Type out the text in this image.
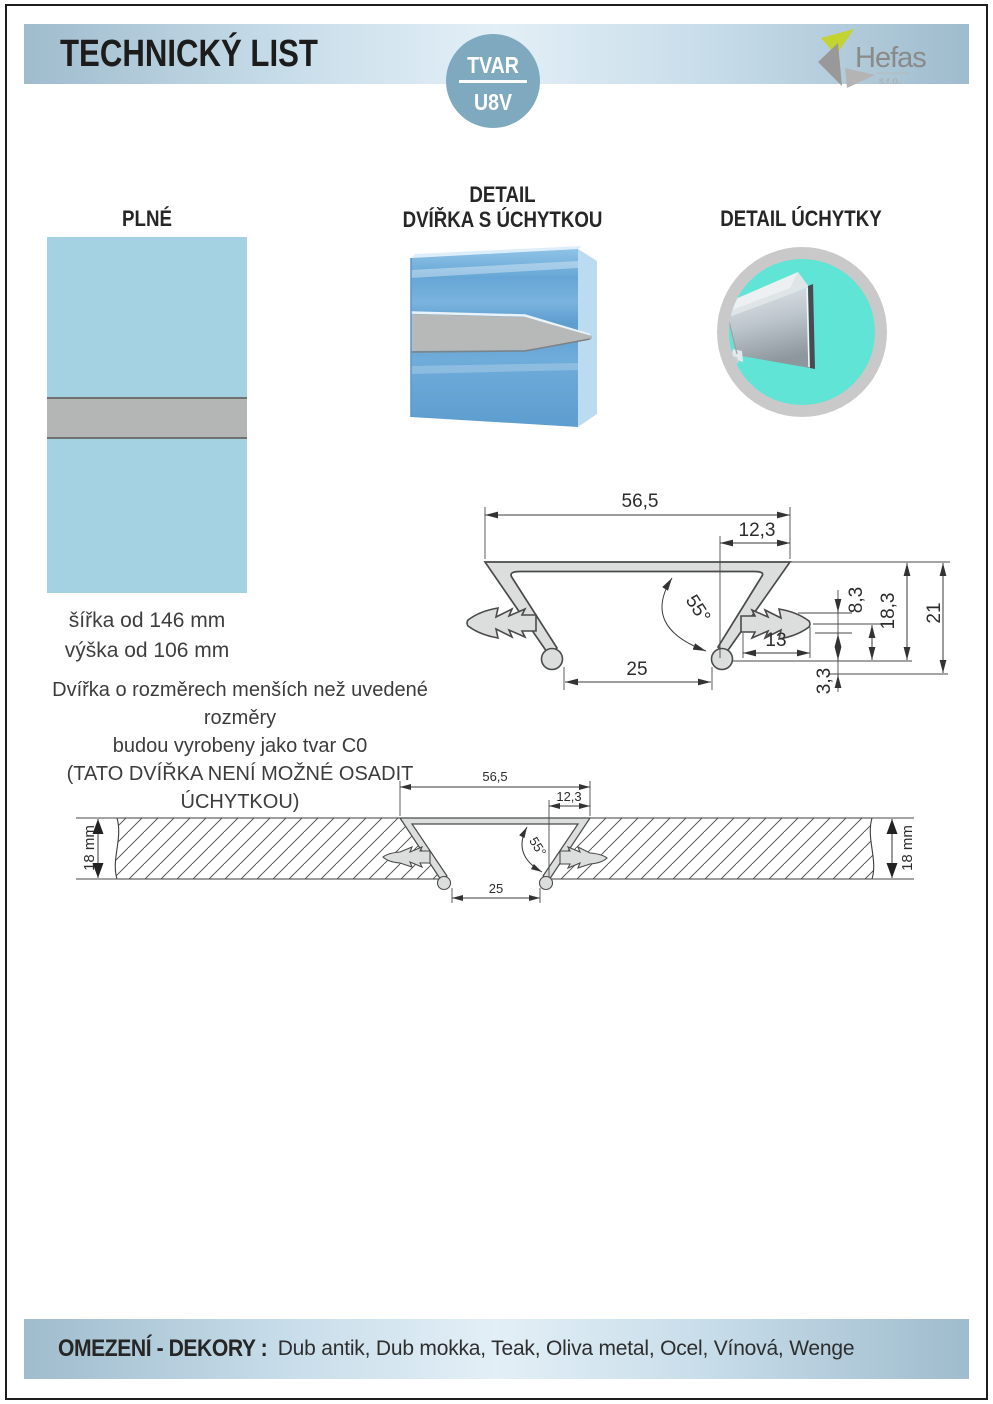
TECHNICKÝ LIST	TVAR
U8V
Hefas
s.r.o.
PLNÉ
DETAIL
DVÍŘKA S ÚCHYTKOU	DETAIL ÚCHYTKY
šířka od 146 mm
výška od 106 mm
Dvířka o rozměrech menších než uvedené rozměry
budou vyrobeny jako tvar C0
(TATO DVÍŘKA NENÍ MOŽNÉ OSADIT ÚCHYTKOU)
56,5
12,3
55°
25
13
8,3 18,3 21
3,3
56,5
12,3
55°
25
18 mm	18 mm
OMEZENÍ - DEKORY : Dub antik, Dub mokka, Teak, Oliva metal, Ocel, Vínová, Wenge
